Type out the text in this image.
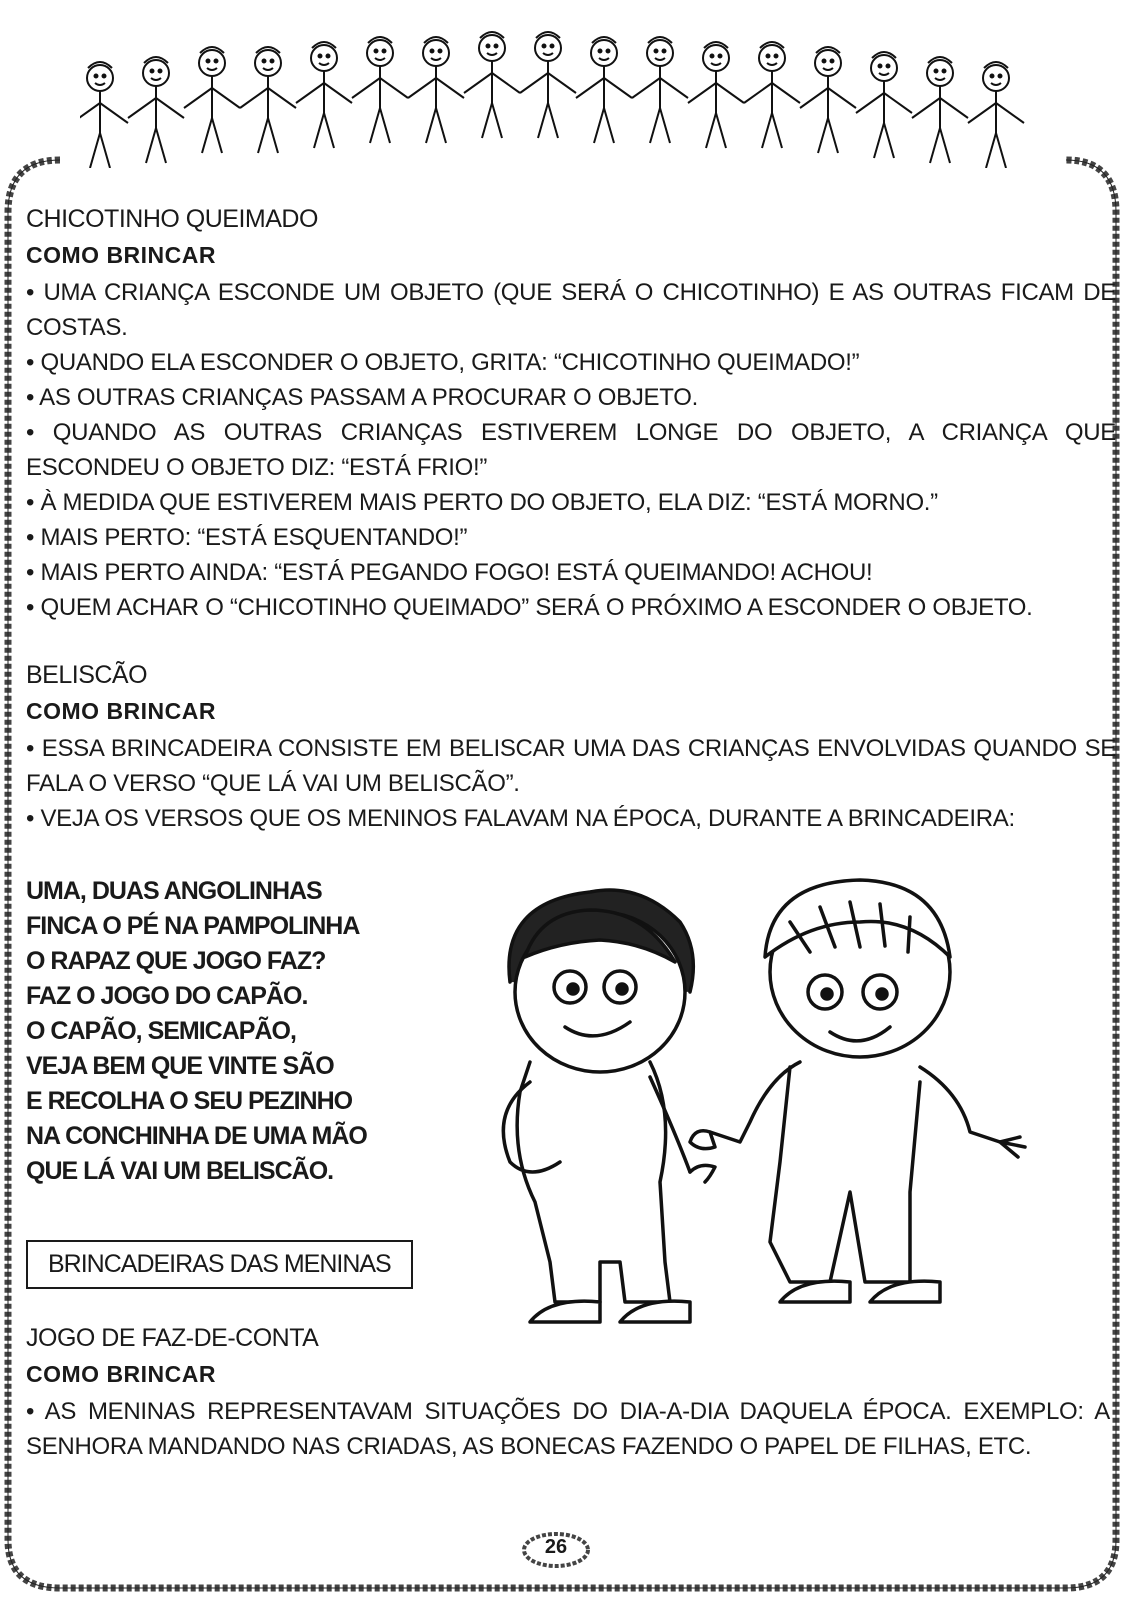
CHICOTINHO QUEIMADO
COMO BRINCAR

• UMA CRIANÇA ESCONDE UM OBJETO (QUE SERÁ O CHICOTINHO) E AS OUTRAS FICAM DE COSTAS.

• QUANDO ELA ESCONDER O OBJETO, GRITA: “CHICOTINHO QUEIMADO!”

• AS OUTRAS CRIANÇAS PASSAM A PROCURAR O OBJETO.

• QUANDO AS OUTRAS CRIANÇAS ESTIVEREM LONGE DO OBJETO, A CRIANÇA QUE ESCONDEU O OBJETO DIZ: “ESTÁ FRIO!”

• À MEDIDA QUE ESTIVEREM MAIS PERTO DO OBJETO, ELA DIZ: “ESTÁ MORNO.”

• MAIS PERTO: “ESTÁ ESQUENTANDO!”

• MAIS PERTO AINDA: “ESTÁ PEGANDO FOGO! ESTÁ QUEIMANDO! ACHOU!

• QUEM ACHAR O “CHICOTINHO QUEIMADO” SERÁ O PRÓXIMO A ESCONDER O OBJETO.

BELISCÃO
COMO BRINCAR

• ESSA BRINCADEIRA CONSISTE EM BELISCAR UMA DAS CRIANÇAS ENVOLVIDAS QUANDO SE FALA O VERSO “QUE LÁ VAI UM BELISCÃO”.

• VEJA OS VERSOS QUE OS MENINOS FALAVAM NA ÉPOCA, DURANTE A BRINCADEIRA:

UMA, DUAS ANGOLINHAS
FINCA O PÉ NA PAMPOLINHA
O RAPAZ QUE JOGO FAZ?
FAZ O JOGO DO CAPÃO.
O CAPÃO, SEMICAPÃO,
VEJA BEM QUE VINTE SÃO
E RECOLHA O SEU PEZINHO
NA CONCHINHA DE UMA MÃO
QUE LÁ VAI UM BELISCÃO.
BRINCADEIRAS DAS MENINAS
JOGO DE FAZ-DE-CONTA
COMO BRINCAR

• AS MENINAS REPRESENTAVAM SITUAÇÕES DO DIA-A-DIA DAQUELA ÉPOCA. EXEMPLO: A SENHORA MANDANDO NAS CRIADAS, AS BONECAS FAZENDO O PAPEL DE FILHAS, ETC.

26
